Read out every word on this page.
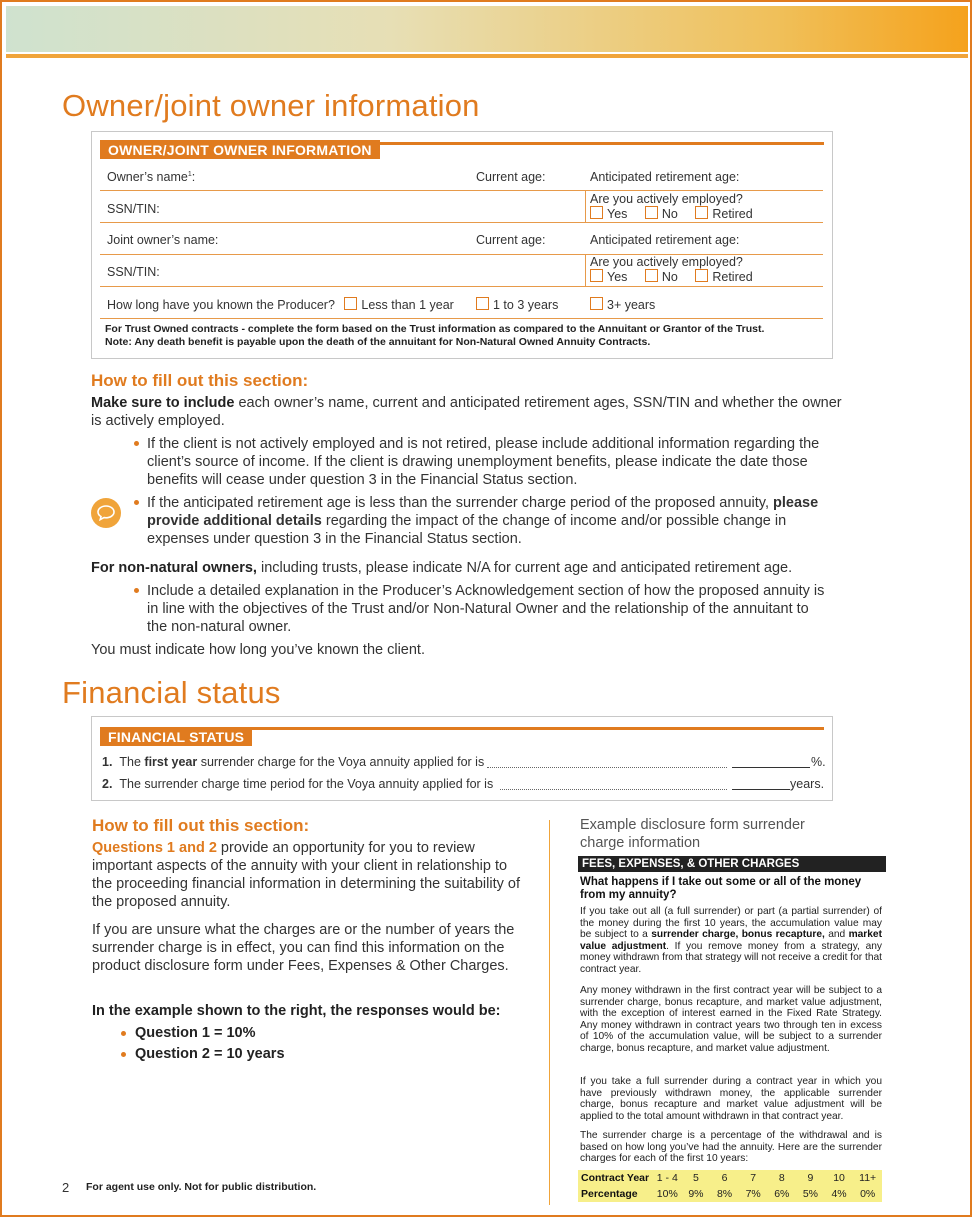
Owner/joint owner information
OWNER/JOINT OWNER INFORMATION
Owner’s name$^1$:	Current age:	Anticipated retirement age:
SSN/TIN:
Are you actively employed?
Yes	No	Retired
Joint owner’s name:	Current age:	Anticipated retirement age:
SSN/TIN:
Are you actively employed?
Yes	No	Retired
How long have you known the Producer? Less than 1 year	1 to 3 years	3+ years
For Trust Owned contracts - complete the form based on the Trust information as compared to the Annuitant or Grantor of the Trust.
Note: Any death benefit is payable upon the death of the annuitant for Non-Natural Owned Annuity Contracts.
How to fill out this section:
Make sure to include each owner’s name, current and anticipated retirement ages, SSN/TIN and whether the owner is actively employed.
If the client is not actively employed and is not retired, please include additional information regarding the client’s source of income. If the client is drawing unemployment benefits, please indicate the date those benefits will cease under question 3 in the Financial Status section.
If the anticipated retirement age is less than the surrender charge period of the proposed annuity, please provide additional details regarding the impact of the change of income and/or possible change in expenses under question 3 in the Financial Status section.
For non-natural owners, including trusts, please indicate N/A for current age and anticipated retirement age.
Include a detailed explanation in the Producer’s Acknowledgement section of how the proposed annuity is in line with the objectives of the Trust and/or Non-Natural Owner and the relationship of the annuitant to the non-natural owner.
You must indicate how long you’ve known the client.
Financial status
FINANCIAL STATUS
1. The first year surrender charge for the Voya annuity applied for is	%.
2. The surrender charge time period for the Voya annuity applied for is	years.
How to fill out this section:
Questions 1 and 2 provide an opportunity for you to review important aspects of the annuity with your client in relationship to the proceeding financial information in determining the suitability of the proposed annuity.
If you are unsure what the charges are or the number of years the surrender charge is in effect, you can find this information on the product disclosure form under Fees, Expenses & Other Charges.
In the example shown to the right, the responses would be:
Question 1 = 10%
Question 2 = 10 years
Example disclosure form surrender charge information
FEES, EXPENSES, & OTHER CHARGES
What happens if I take out some or all of the money from my annuity?
If you take out all (a full surrender) or part (a partial surrender) of the money during the first 10 years, the accumulation value may be subject to a surrender charge, bonus recapture, and market value adjustment. If you remove money from a strategy, any money withdrawn from that strategy will not receive a credit for that contract year.
Any money withdrawn in the first contract year will be subject to a surrender charge, bonus recapture, and market value adjustment, with the exception of interest earned in the Fixed Rate Strategy. Any money withdrawn in contract years two through ten in excess of 10% of the accumulation value, will be subject to a surrender charge, bonus recapture, and market value adjustment.
If you take a full surrender during a contract year in which you have previously withdrawn money, the applicable surrender charge, bonus recapture and market value adjustment will be applied to the total amount withdrawn in that contract year.
The surrender charge is a percentage of the withdrawal and is based on how long you’ve had the annuity. Here are the surrender charges for each of the first 10 years:
Contract Year 1 - 4	5	6	7	8	9	10	11+
Percentage	10%	9%	8%	7%	6%	5%	4%	0%
2 For agent use only. Not for public distribution.
